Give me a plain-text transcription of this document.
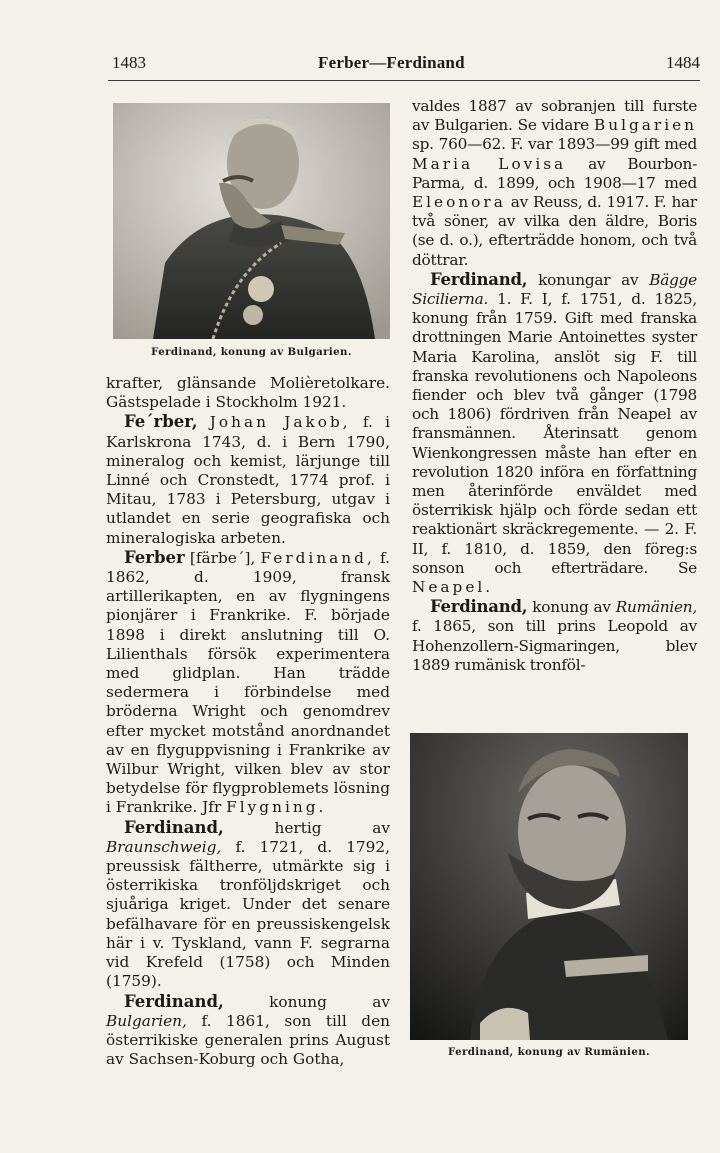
1483	Ferber—Ferdinand	1484
Ferdinand, konung av Bulgarien.

krafter, glänsande Molièretolkare. Gästspelade i Stockholm 1921.

Fe´rber, Johan Jakob, f. i Karlskrona 1743, d. i Bern 1790, mineralog och kemist, lärjunge till Linné och Cronstedt, 1774 prof. i Mitau, 1783 i Petersburg, utgav i utlandet en serie geografiska och mineralogiska arbeten.

Ferber [färbe´], Ferdinand, f. 1862, d. 1909, fransk artillerikapten, en av flygningens pionjärer i Frankrike. F. började 1898 i direkt anslutning till O. Lilienthals försök experimentera med glidplan. Han trädde sedermera i förbindelse med bröderna Wright och genomdrev efter mycket motstånd anordnandet av en flyguppvisning i Frankrike av Wilbur Wright, vilken blev av stor betydelse för flygproblemets lösning i Frankrike. Jfr Flygning.

Ferdinand,	hertig av Braunschweig, f. 1721, d. 1792, preussisk fältherre, utmärkte sig i österrikiska tronföljdskriget och sjuåriga kriget. Under det senare befälhavare för en preussiskengelsk här i v. Tyskland, vann F. segrarna vid Krefeld (1758) och Minden (1759).

Ferdinand,	konung av Bulgarien, f. 1861, son till den österrikiske generalen prins August av Sachsen-Koburg och Gotha,

valdes 1887 av sobranjen till furste av Bulgarien. Se vidare Bulgarien sp. 760—62. F. var 1893—99 gift med Maria Lovisa av Bourbon-Parma, d. 1899, och 1908—17 med Eleonora av Reuss, d. 1917. F. har två söner, av vilka den äldre, Boris (se d. o.), efterträdde honom, och två döttrar.

Ferdinand, konungar av Bägge Sicilierna. 1. F. I, f. 1751, d. 1825, konung från 1759. Gift med franska drottningen Marie Antoinettes syster Maria Karolina, anslöt sig F. till franska revolutionens och Napoleons fiender och blev två gånger (1798 och 1806) fördriven från Neapel av fransmännen. Återinsatt genom Wienkongressen måste han efter en revolution 1820 införa en författning men återinförde enväldet med österrikisk hjälp och förde sedan ett reaktionärt skräckregemente. — 2. F. II, f. 1810, d. 1859, den föreg:s sonson och efterträdare. Se Neapel.

Ferdinand, konung av Rumänien, f. 1865, son till prins Leopold av Hohenzollern-Sigmaringen, blev 1889 rumänisk tronföl-

Ferdinand, konung av Rumänien.
